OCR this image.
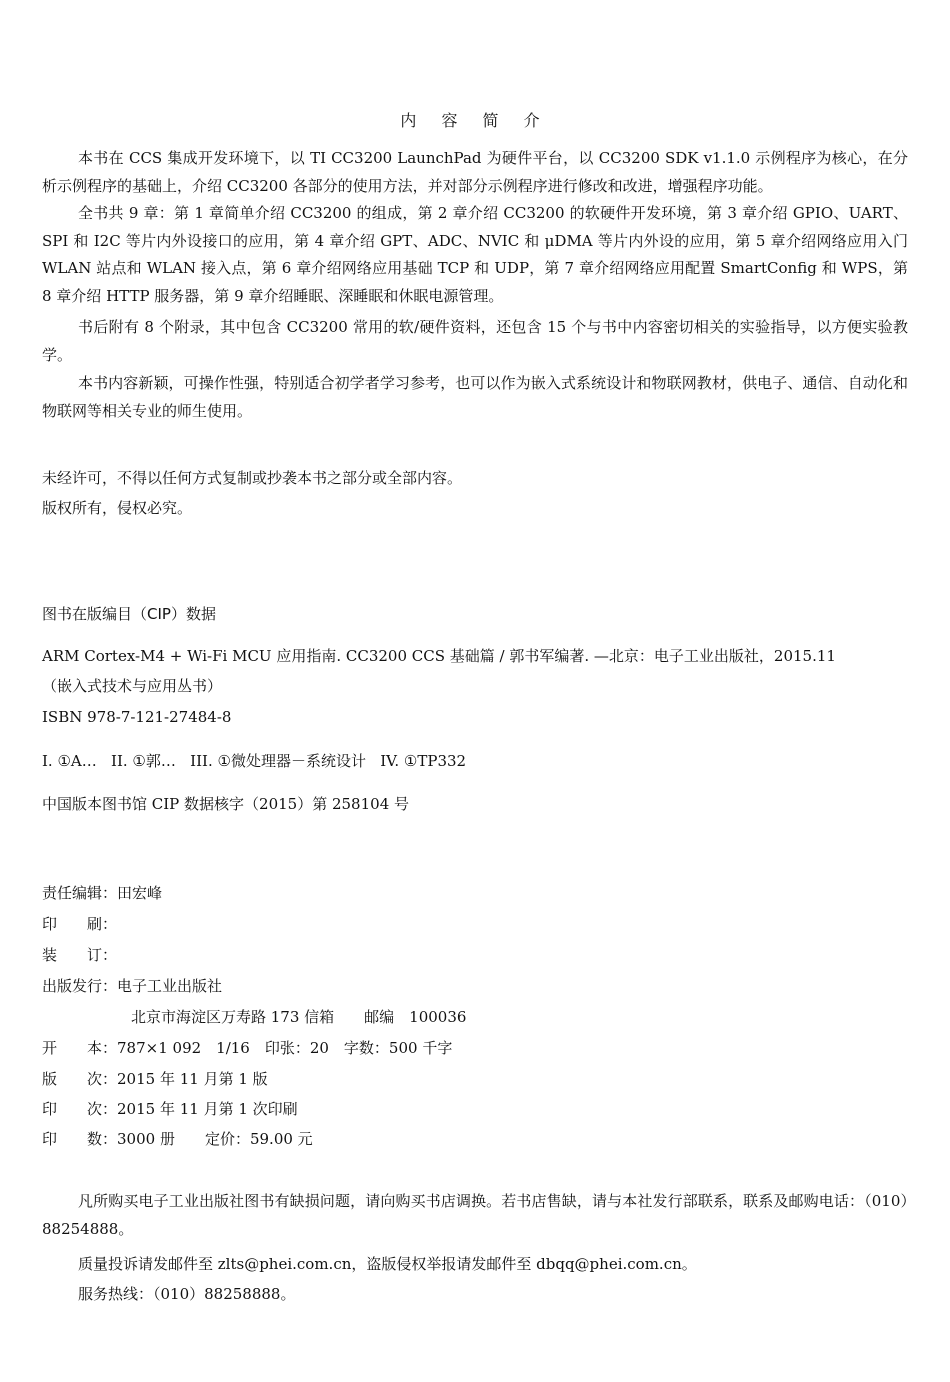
内 容 简 介

本书在 CCS 集成开发环境下，以 TI CC3200 LaunchPad 为硬件平台，以 CC3200 SDK v1.1.0 示例程序为核心，在分析示例程序的基础上，介绍 CC3200 各部分的使用方法，并对部分示例程序进行修改和改进，增强程序功能。

全书共 9 章：第 1 章简单介绍 CC3200 的组成，第 2 章介绍 CC3200 的软硬件开发环境，第 3 章介绍 GPIO、UART、SPI 和 I2C 等片内外设接口的应用，第 4 章介绍 GPT、ADC、NVIC 和 μDMA 等片内外设的应用，第 5 章介绍网络应用入门 WLAN 站点和 WLAN 接入点，第 6 章介绍网络应用基础 TCP 和 UDP，第 7 章介绍网络应用配置 SmartConfig 和 WPS，第 8 章介绍 HTTP 服务器，第 9 章介绍睡眠、深睡眠和休眠电源管理。

书后附有 8 个附录，其中包含 CC3200 常用的软/硬件资料，还包含 15 个与书中内容密切相关的实验指导，以方便实验教学。

本书内容新颖，可操作性强，特别适合初学者学习参考，也可以作为嵌入式系统设计和物联网教材，供电子、通信、自动化和物联网等相关专业的师生使用。

未经许可，不得以任何方式复制或抄袭本书之部分或全部内容。
版权所有，侵权必究。
图书在版编目（CIP）数据
ARM Cortex-M4 + Wi-Fi MCU 应用指南. CC3200 CCS 基础篇 / 郭书军编著. —北京：电子工业出版社，2015.11
（嵌入式技术与应用丛书）
ISBN 978-7-121-27484-8
I. ①A…   II. ①郭…   III. ①微处理器－系统设计   IV. ①TP332
中国版本图书馆 CIP 数据核字（2015）第 258104 号
责任编辑：田宏峰
印　　刷：
装　　订：
出版发行：电子工业出版社
北京市海淀区万寿路 173 信箱　　邮编　100036
开　　本：787×1 092　1/16　印张：20　字数：500 千字
版　　次：2015 年 11 月第 1 版
印　　次：2015 年 11 月第 1 次印刷
印　　数：3000 册　　定价：59.00 元

凡所购买电子工业出版社图书有缺损问题，请向购买书店调换。若书店售缺，请与本社发行部联系，联系及邮购电话：（010）88254888。

质量投诉请发邮件至 zlts@phei.com.cn，盗版侵权举报请发邮件至 dbqq@phei.com.cn。

服务热线：（010）88258888。
